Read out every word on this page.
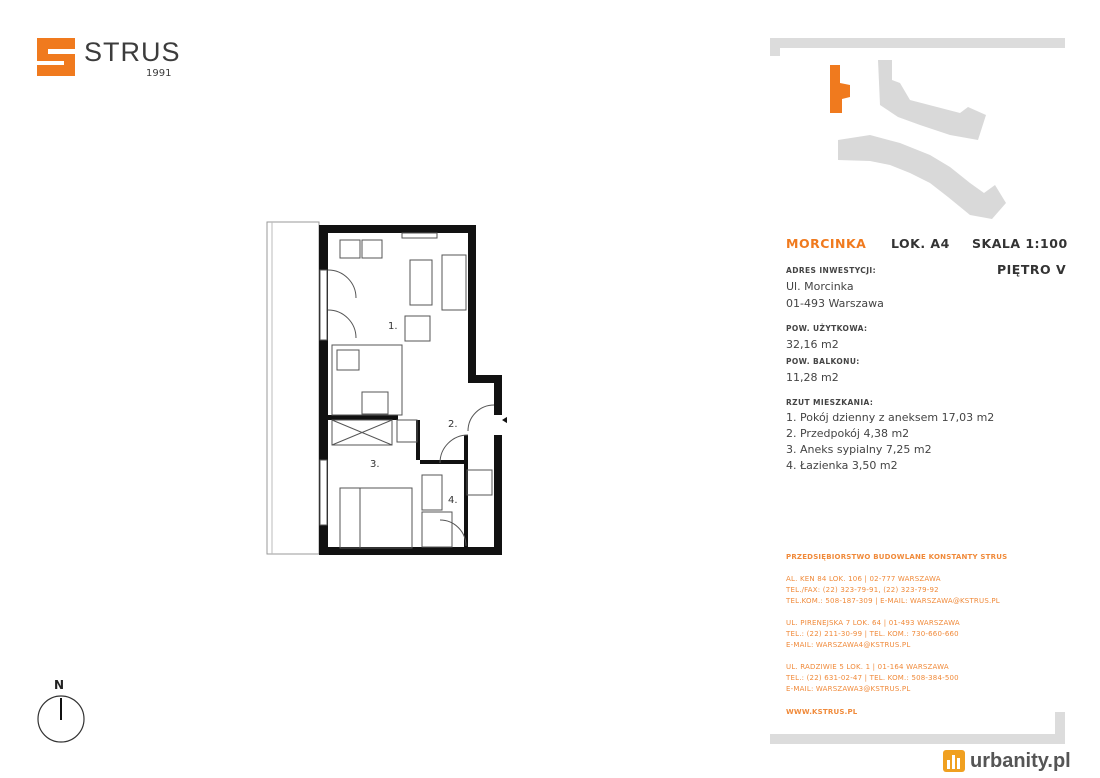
STRUS
1991
1.
2.
3.
4.
MORCINKA LOK. A4 SKALA 1:100
PIĘTRO V
ADRES INWESTYCJI:
Ul. Morcinka
01-493 Warszawa
POW. UŻYTKOWA:
32,16 m2
POW. BALKONU:
11,28 m2
RZUT MIESZKANIA:
1. Pokój dzienny z aneksem 17,03 m2
2. Przedpokój 4,38 m2
3. Aneks sypialny 7,25 m2
4. Łazienka 3,50 m2
PRZEDSIĘBIORSTWO BUDOWLANE KONSTANTY STRUS
AL. KEN 84 LOK. 106 | 02-777 WARSZAWA
TEL./FAX: (22) 323-79-91, (22) 323-79-92
TEL.KOM.: 508-187-309 | E-MAIL: WARSZAWA@KSTRUS.PL
UL. PIRENEJSKA 7 LOK. 64 | 01-493 WARSZAWA
TEL.: (22) 211-30-99 | TEL. KOM.: 730-660-660
E-MAIL: WARSZAWA4@KSTRUS.PL
UL. RADZIWIE 5 LOK. 1 | 01-164 WARSZAWA
TEL.: (22) 631-02-47 | TEL. KOM.: 508-384-500
E-MAIL: WARSZAWA3@KSTRUS.PL
WWW.KSTRUS.PL
N
urbanity.pl
